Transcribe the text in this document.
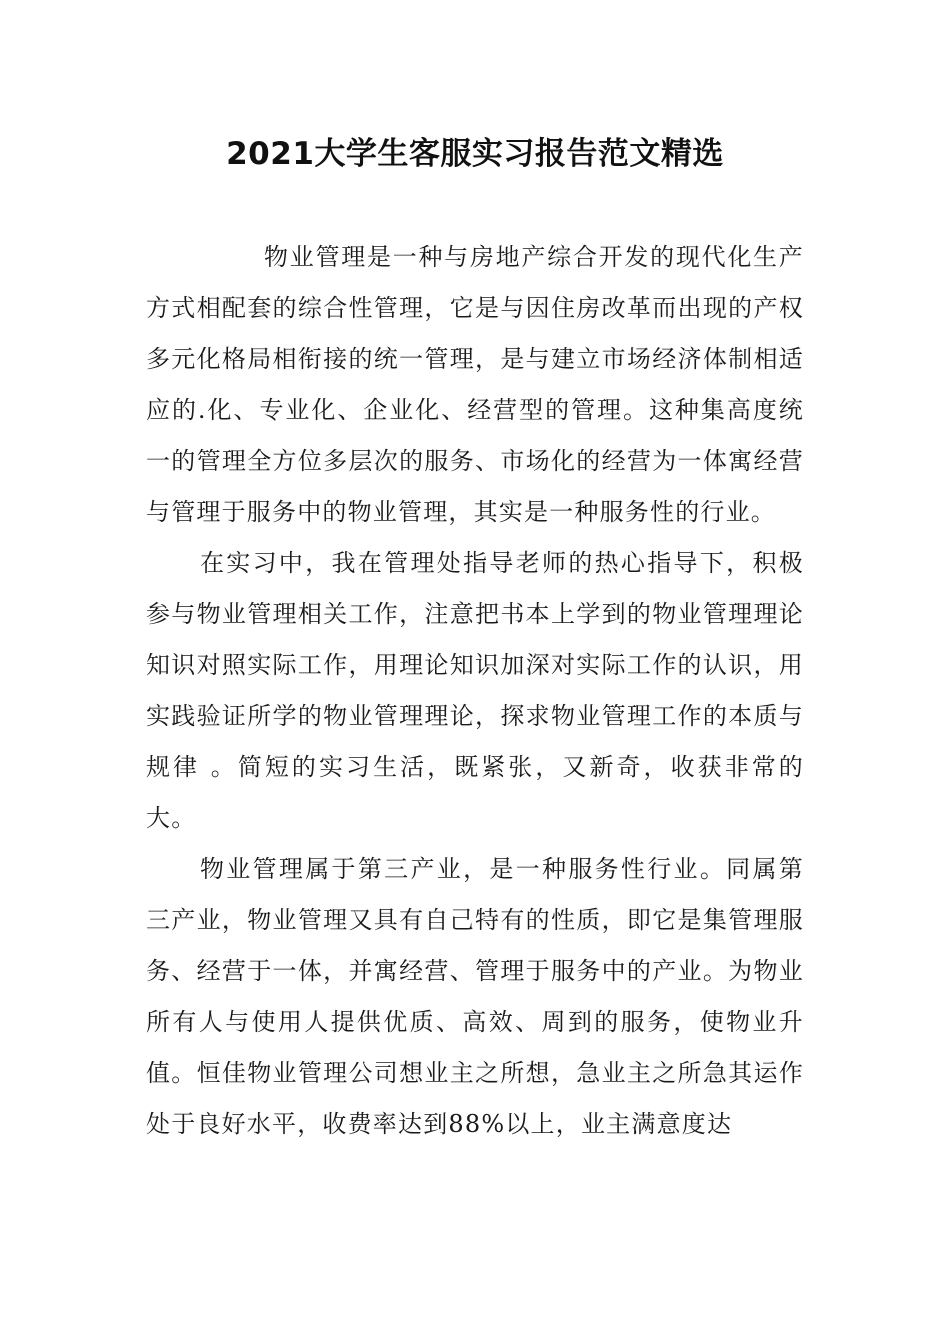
2021大学生客服实习报告范文精选

物业管理是一种与房地产综合开发的现代化生产方式相配套的综合性管理，它是与因住房改革而出现的产权多元化格局相衔接的统一管理，是与建立市场经济体制相适应的.化、专业化、企业化、经营型的管理。这种集高度统一的管理全方位多层次的服务、市场化的经营为一体寓经营与管理于服务中的物业管理，其实是一种服务性的行业。

在实习中，我在管理处指导老师的热心指导下，积极参与物业管理相关工作，注意把书本上学到的物业管理理论 知识对照实际工作，用理论知识加深对实际工作的认识，用实践验证所学的物业管理理论，探求物业管理工作的本质与规律 。简短的实习生活，既紧张，又新奇，收获非常的大。

物业管理属于第三产业，是一种服务性行业。同属第三产业，物业管理又具有自己特有的性质，即它是集管理服务、经营于一体，并寓经营、管理于服务中的产业。为物业所有人与使用人提供优质、高效、周到的服务，使物业升值。恒佳物业管理公司想业主之所想，急业主之所急其运作处于良好水平，收费率达到88%以上，业主满意度达
